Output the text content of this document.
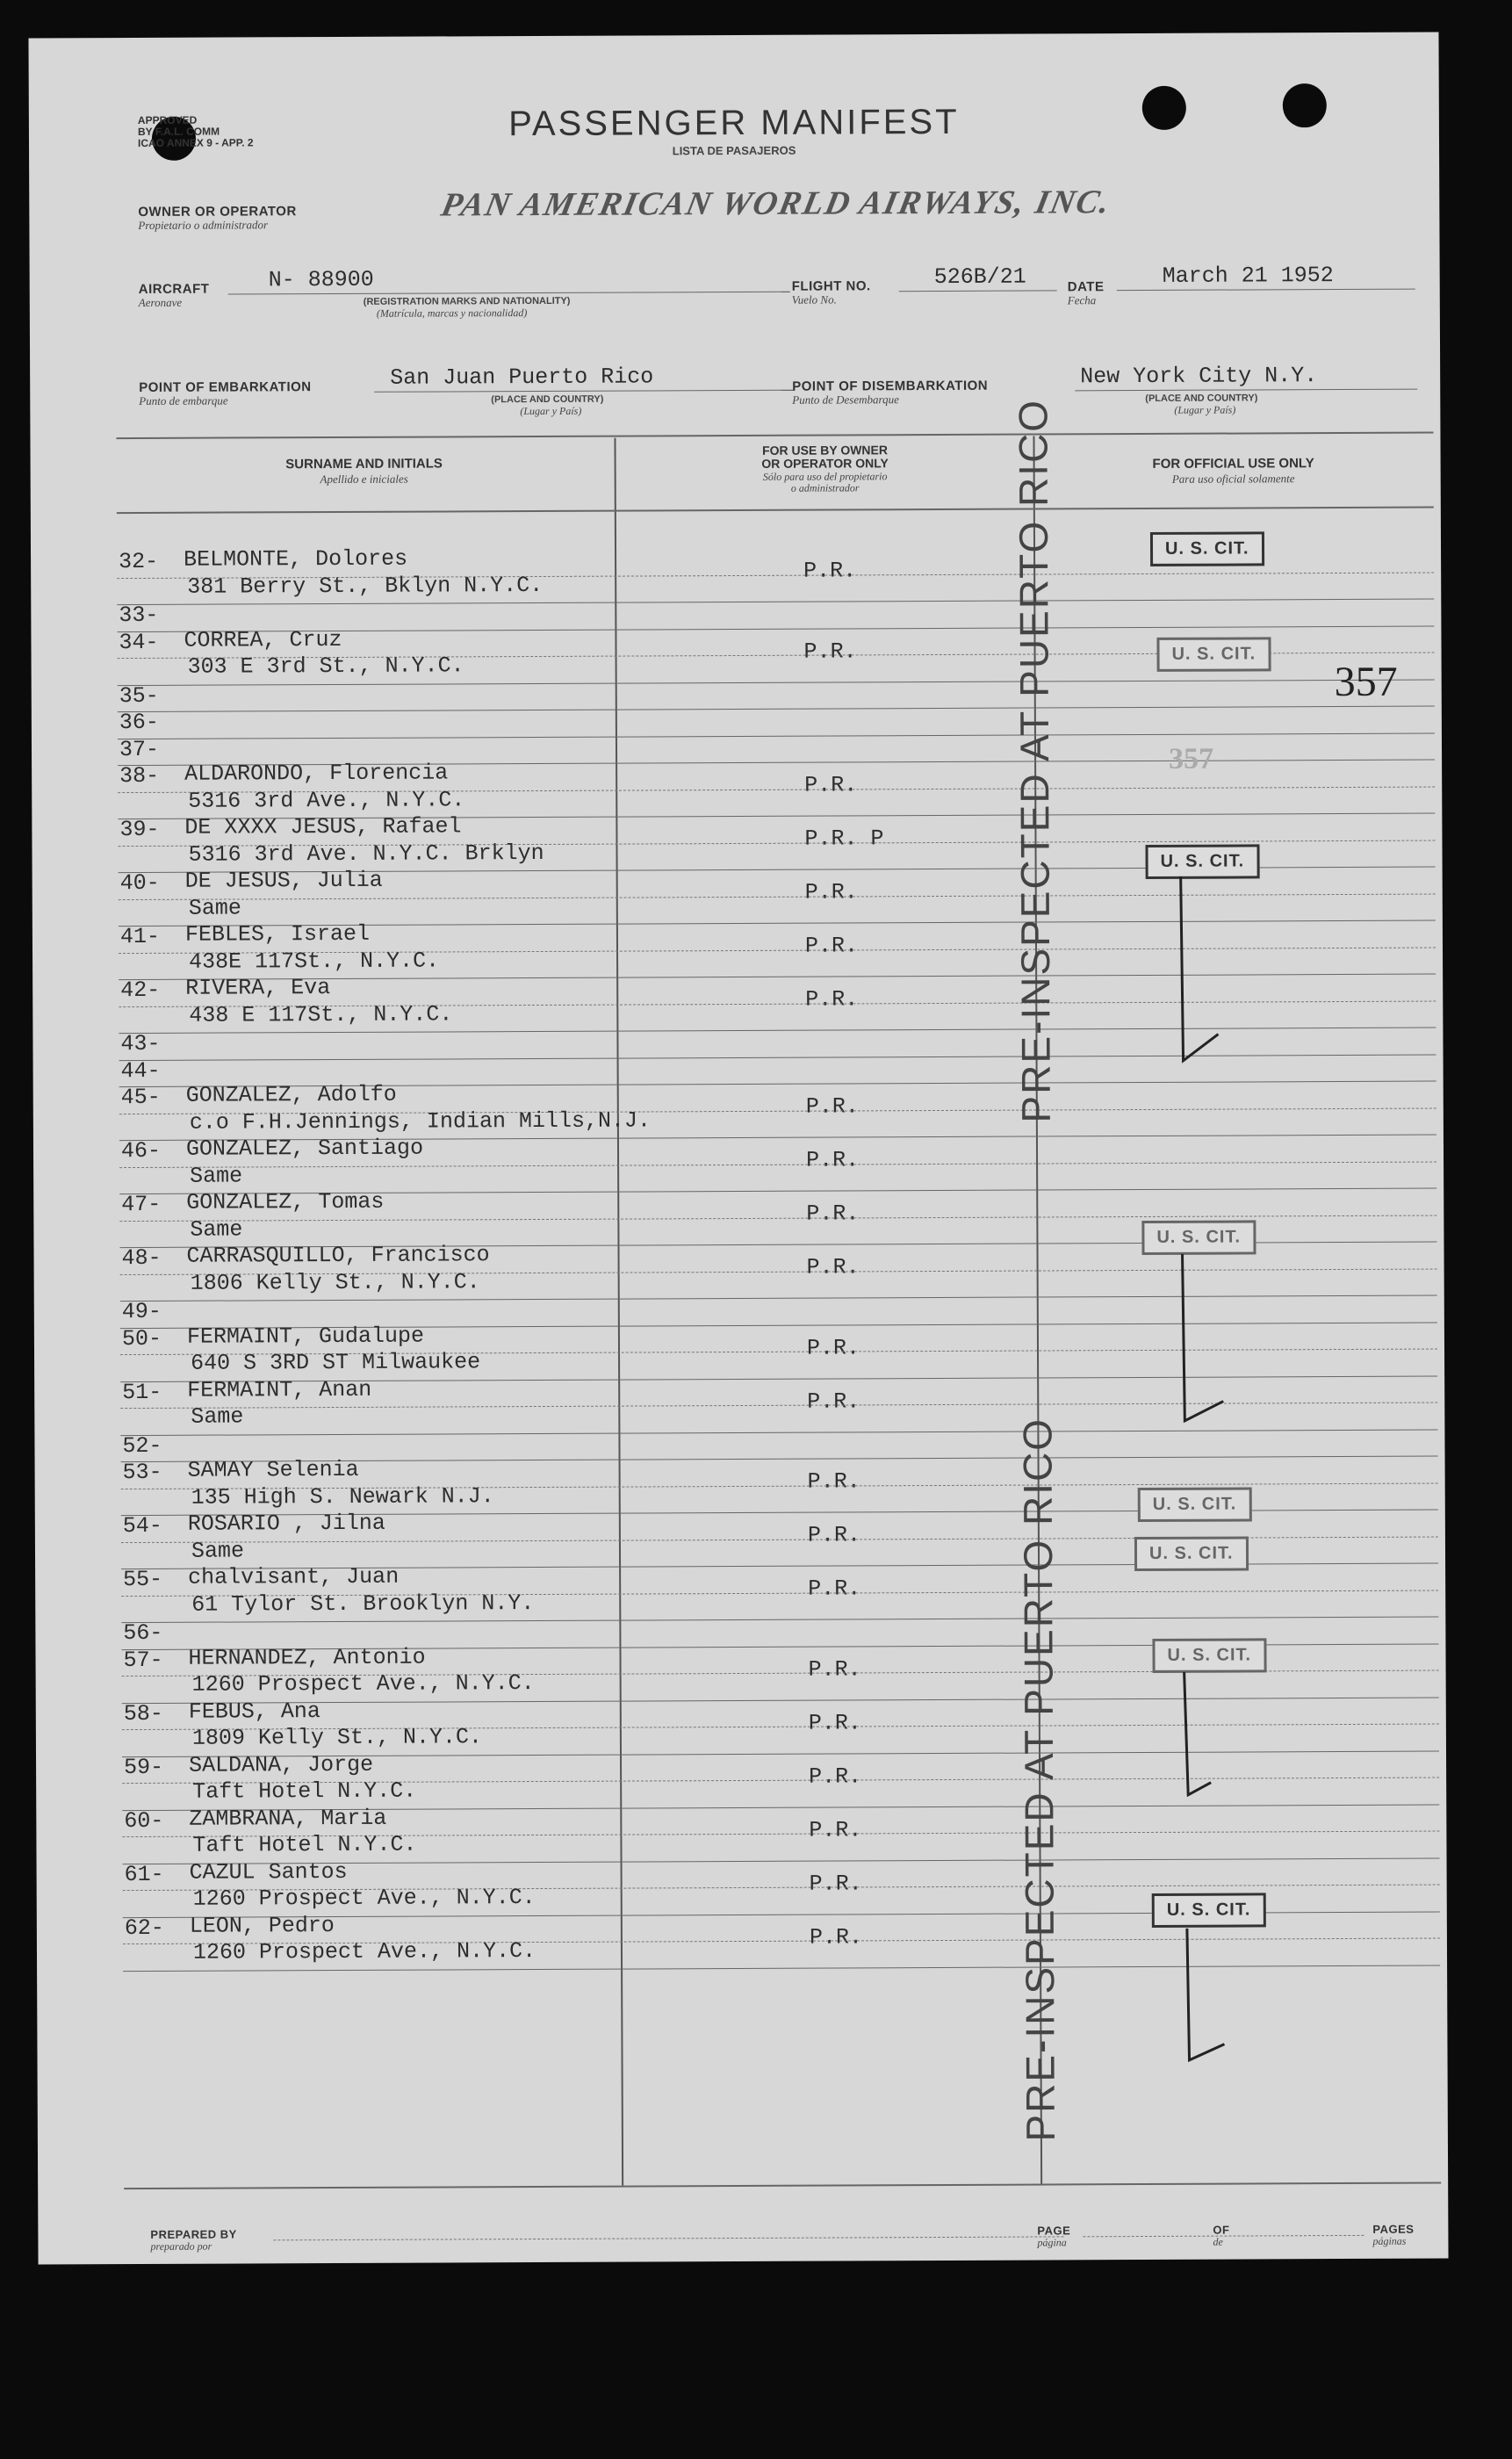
APPROVED
BY F.A.L. COMM
ICAO ANNEX 9 - APP. 2	PASSENGER MANIFEST
LISTA DE PASAJEROS
OWNER OR OPERATOR
Propietario o administrador
PAN AMERICAN WORLD AIRWAYS, INC.
AIRCRAFT
Aeronave
N- 88900
(REGISTRATION MARKS AND NATIONALITY)
(Matrícula, marcas y nacionalidad)
FLIGHT NO.
Vuelo No.
526B/21	DATE
Fecha
March 21 1952
POINT OF EMBARKATION
Punto de embarque
San Juan Puerto Rico
(PLACE AND COUNTRY)
(Lugar y País)
POINT OF DISEMBARKATION
Punto de Desembarque
New York City N.Y.
(PLACE AND COUNTRY)
(Lugar y País)
SURNAME AND INITIALS
Apellido e iniciales
FOR USE BY OWNER
OR OPERATOR ONLY
Sólo para uso del propietario
o administrador
FOR OFFICIAL USE ONLY
Para uso oficial solamente
32- BELMONTE, Dolores	P.R.
381 Berry St., Bklyn N.Y.C.
33-
34- CORREA, Cruz	P.R.
303 E 3rd St., N.Y.C.
35-
36-
37-
38- ALDARONDO, Florencia	P.R.
5316 3rd Ave., N.Y.C.
39- DE XXXX JESUS, Rafael	P.R. P
5316 3rd Ave. N.Y.C. Brklyn
40- DE JESUS, Julia	P.R.
Same
41- FEBLES, Israel	P.R.
438E 117St., N.Y.C.
42- RIVERA, Eva	P.R.
438 E 117St., N.Y.C.
43-
44-
45- GONZALEZ, Adolfo	P.R.
c.o F.H.Jennings, Indian Mills,N.J.
46- GONZALEZ, Santiago	P.R.
Same
47- GONZALEZ, Tomas	P.R.
Same
48- CARRASQUILLO, Francisco	P.R.
1806 Kelly St., N.Y.C.
49-
50- FERMAINT, Gudalupe	P.R.
640 S 3RD ST Milwaukee
51- FERMAINT, Anan	P.R.
Same
52-
53- SAMAY Selenia	P.R.
135 High S. Newark N.J.
54- ROSARIO , Jilna	P.R.
Same
55- chalvisant, Juan	P.R.
61 Tylor St. Brooklyn N.Y.
56-
57- HERNANDEZ, Antonio	P.R.
1260 Prospect Ave., N.Y.C.
58- FEBUS, Ana	P.R.
1809 Kelly St., N.Y.C.
59- SALDANA, Jorge	P.R.
Taft Hotel N.Y.C.
60- ZAMBRANA, Maria	P.R.
Taft Hotel N.Y.C.
61- CAZUL Santos	P.R.
1260 Prospect Ave., N.Y.C.
62- LEON, Pedro	P.R.
1260 Prospect Ave., N.Y.C.
PRE-INSPECTED AT PUERTO RICO
PRE-INSPECTED AT PUERTO RICO
U. S. CIT.
U. S. CIT.
U. S. CIT.
U. S. CIT.
U. S. CIT.
U. S. CIT.
U. S. CIT.
U. S. CIT.
357
357
PREPARED BY
preparado por
PAGE
página
OF
de
PAGES
páginas
